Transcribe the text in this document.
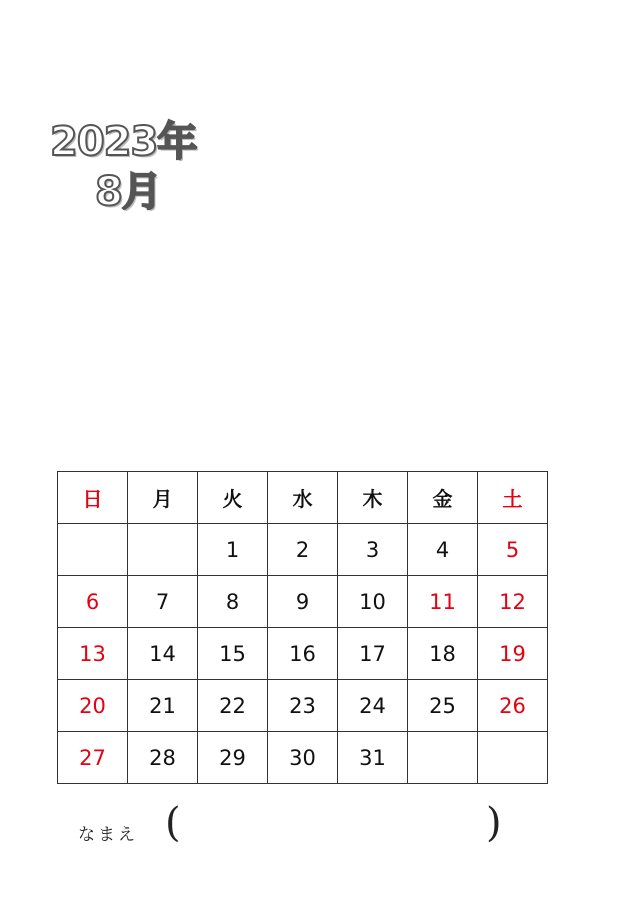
2023年
8月
日	月	火	水	木	金	土
		1	2	3	4	5
6	7	8	9	10	11	12
13	14	15	16	17	18	19
20	21	22	23	24	25	26
27	28	29	30	31		
なまえ (	)
